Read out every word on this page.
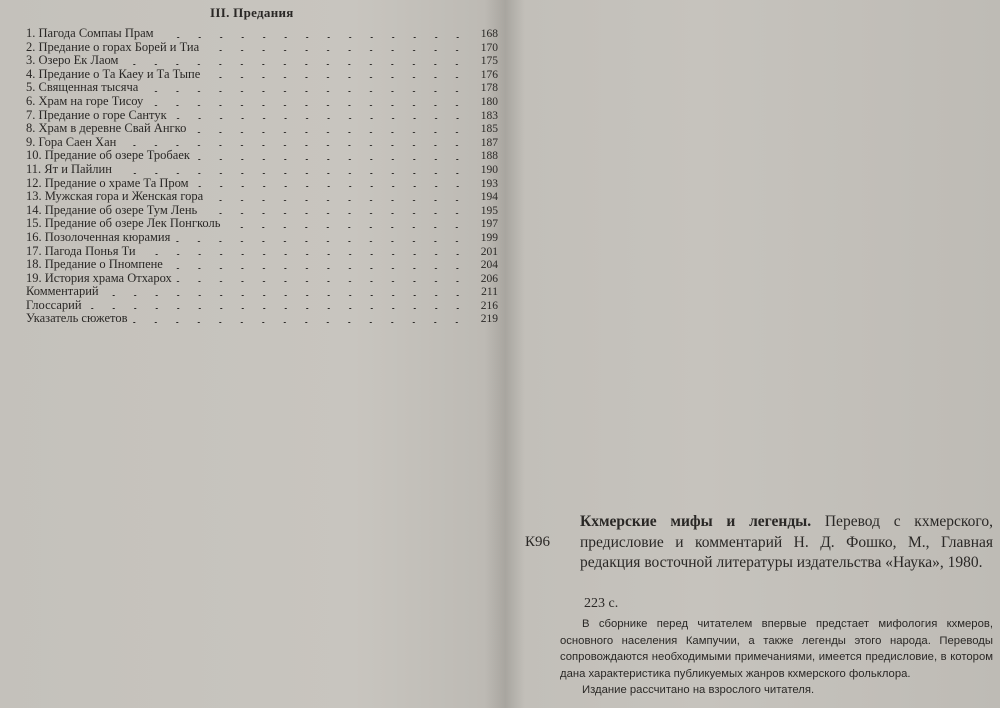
III. Предания
1. Пагода Сомпаы Прам	168
2. Предание о горах Борей и Тиа	170
3. Озеро Ек Лаом	175
4. Предание о Та Каеу и Та Тыпе	176
5. Священная тысяча	178
6. Храм на горе Тисоу	180
7. Предание о горе Сантук	183
8. Храм в деревне Свай Ангко	185
9. Гора Саен Хан	187
10. Предание об озере Тробаек	188
11. Ят и Пайлин	190
12. Предание о храме Та Пром	193
13. Мужская гора и Женская гора	194
14. Предание об озере Тум Лень	195
15. Предание об озере Лек Понгколь	197
16. Позолоченная кюрамия	199
17. Пагода Понья Ти	201
18. Предание о Пномпене	204
19. История храма Отхарох	206
Комментарий	211
Глоссарий	216
Указатель сюжетов	219
К96
Кхмерские мифы и легенды. Перевод с кхмерского, предисловие и комментарий Н. Д. Фошко, М., Главная редакция восточной литературы издательства «Наука», 1980.
223 с.

В сборнике перед читателем впервые предстает мифология кхмеров, основного населения Кампучии, а также легенды этого народа. Переводы сопровождаются необходимыми примечаниями, имеется предисловие, в котором дана характеристика публикуемых жанров кхмерского фольклора.

Издание рассчитано на взрослого читателя.
